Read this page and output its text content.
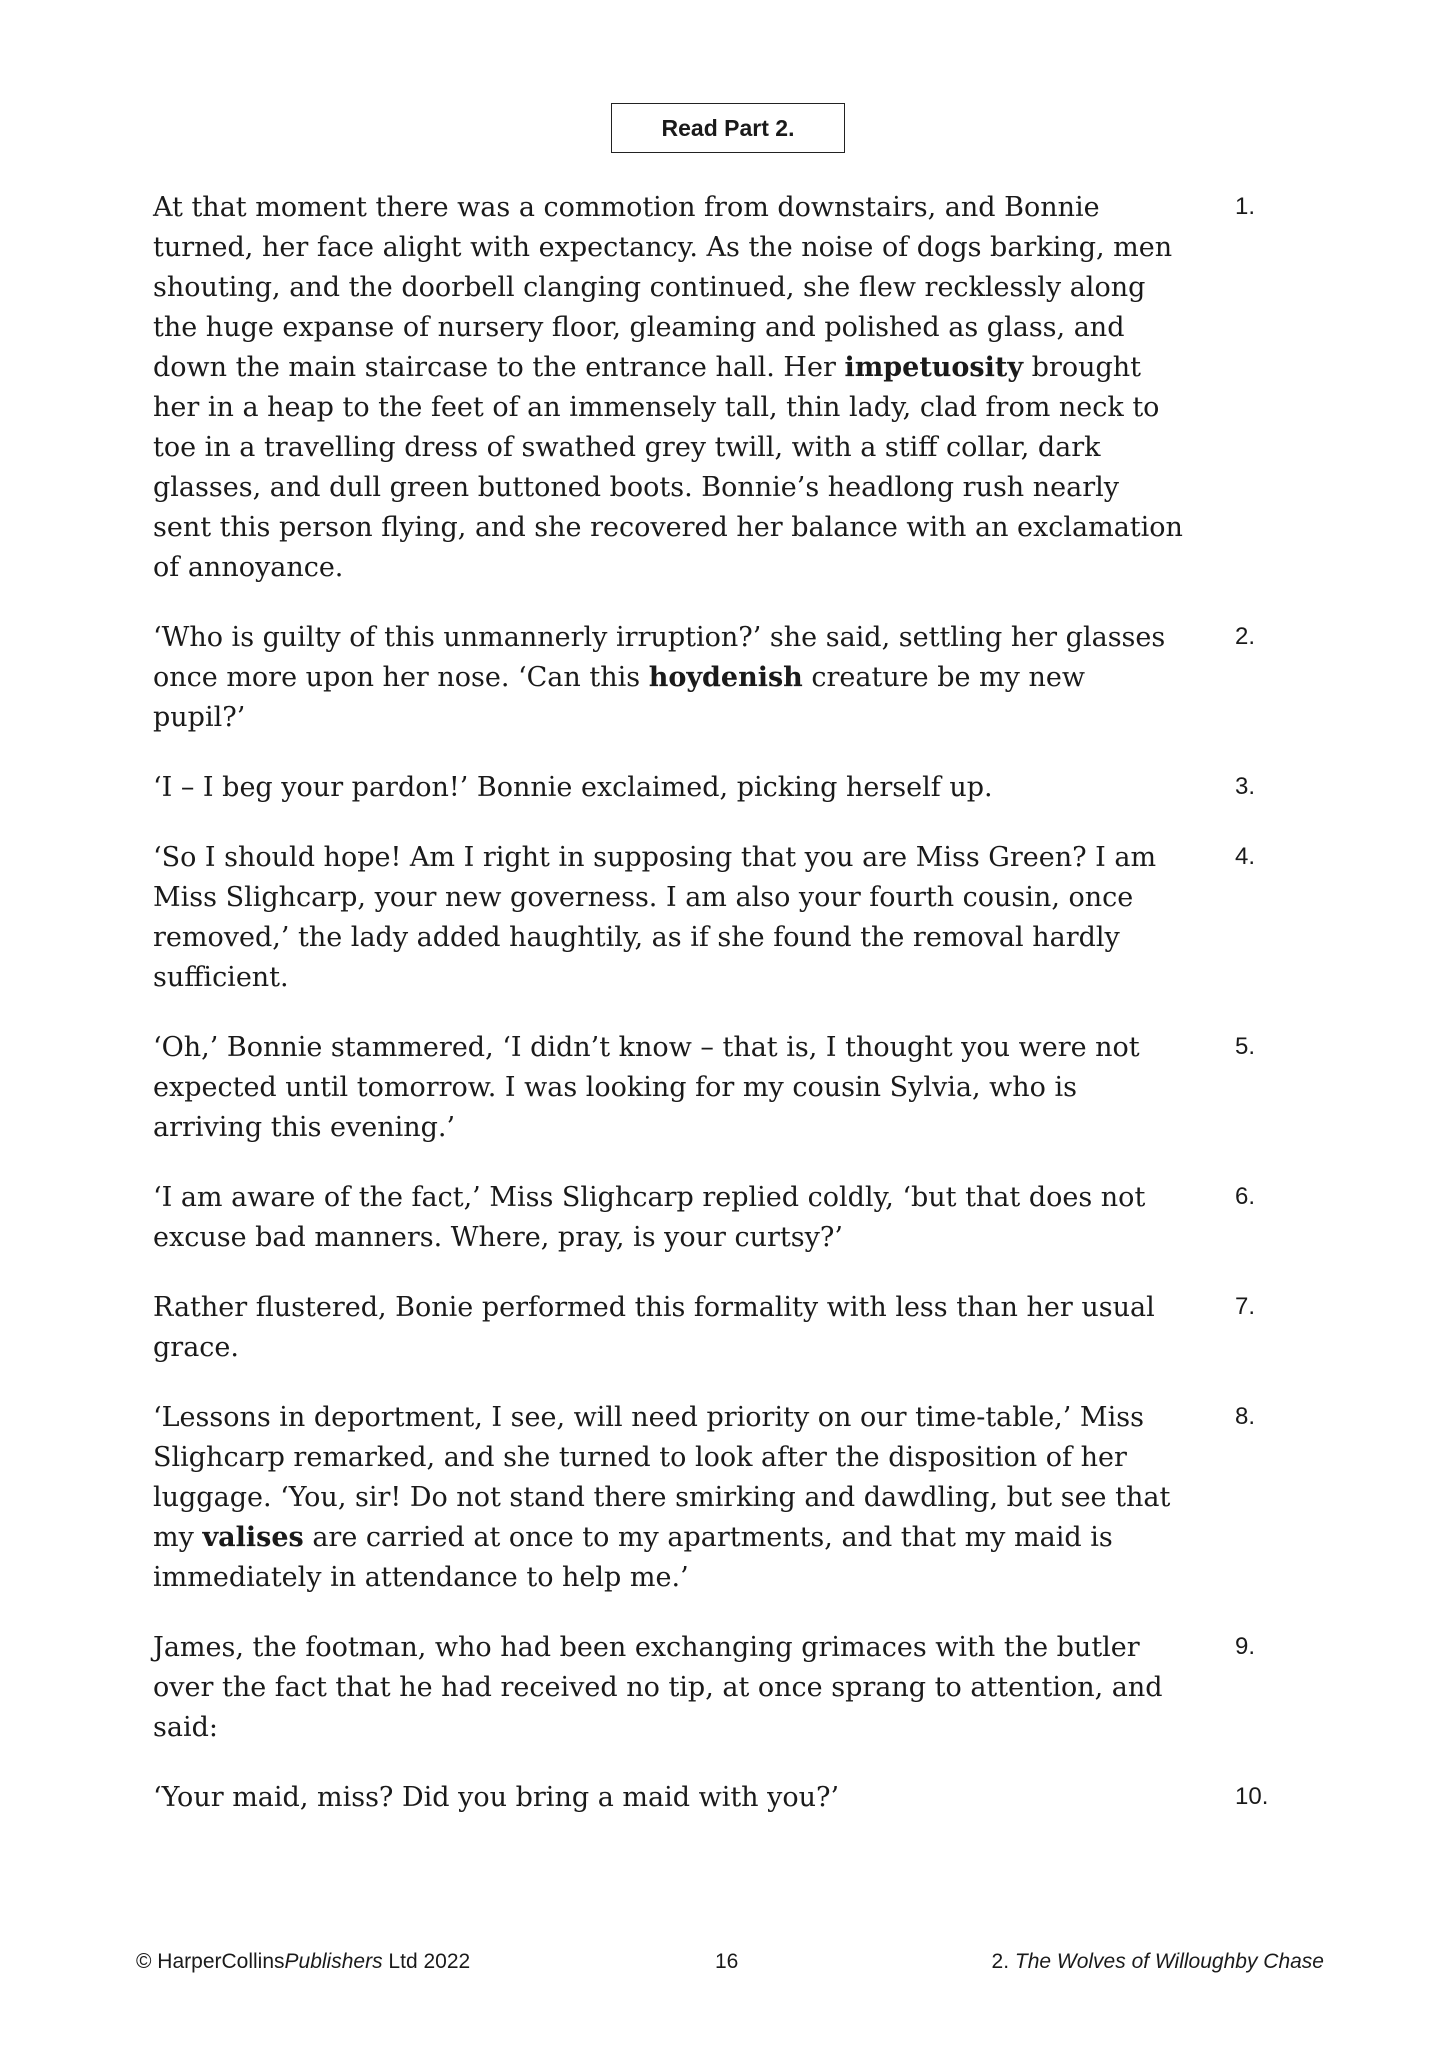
Read Part 2.

At that moment there was a commotion from downstairs, and Bonnie turned, her face alight with expectancy. As the noise of dogs barking, men shouting, and the doorbell clanging continued, she flew recklessly along the huge expanse of nursery floor, gleaming and polished as glass, and down the main staircase to the entrance hall. Her impetuosity brought her in a heap to the feet of an immensely tall, thin lady, clad from neck to toe in a travelling dress of swathed grey twill, with a stiff collar, dark glasses, and dull green buttoned boots. Bonnie’s headlong rush nearly sent this person flying, and she recovered her balance with an exclamation of annoyance.

1.

‘Who is guilty of this unmannerly irruption?’ she said, settling her glasses once more upon her nose. ‘Can this hoydenish creature be my new pupil?’

2.

‘I – I beg your pardon!’ Bonnie exclaimed, picking herself up.	3.

‘So I should hope! Am I right in supposing that you are Miss Green? I am Miss Slighcarp, your new governess. I am also your fourth cousin, once removed,’ the lady added haughtily, as if she found the removal hardly sufficient.

4.

‘Oh,’ Bonnie stammered, ‘I didn’t know – that is, I thought you were not expected until tomorrow. I was looking for my cousin Sylvia, who is arriving this evening.’

5.

‘I am aware of the fact,’ Miss Slighcarp replied coldly, ‘but that does not excuse bad manners. Where, pray, is your curtsy?’

6.

Rather flustered, Bonie performed this formality with less than her usual grace.

7.

‘Lessons in deportment, I see, will need priority on our time-table,’ Miss Slighcarp remarked, and she turned to look after the disposition of her luggage. ‘You, sir! Do not stand there smirking and dawdling, but see that my valises are carried at once to my apartments, and that my maid is immediately in attendance to help me.’

8.

James, the footman, who had been exchanging grimaces with the butler over the fact that he had received no tip, at once sprang to attention, and said:

9.

‘Your maid, miss? Did you bring a maid with you?’	10.
© HarperCollinsPublishers Ltd 2022	16	2. The Wolves of Willoughby Chase
